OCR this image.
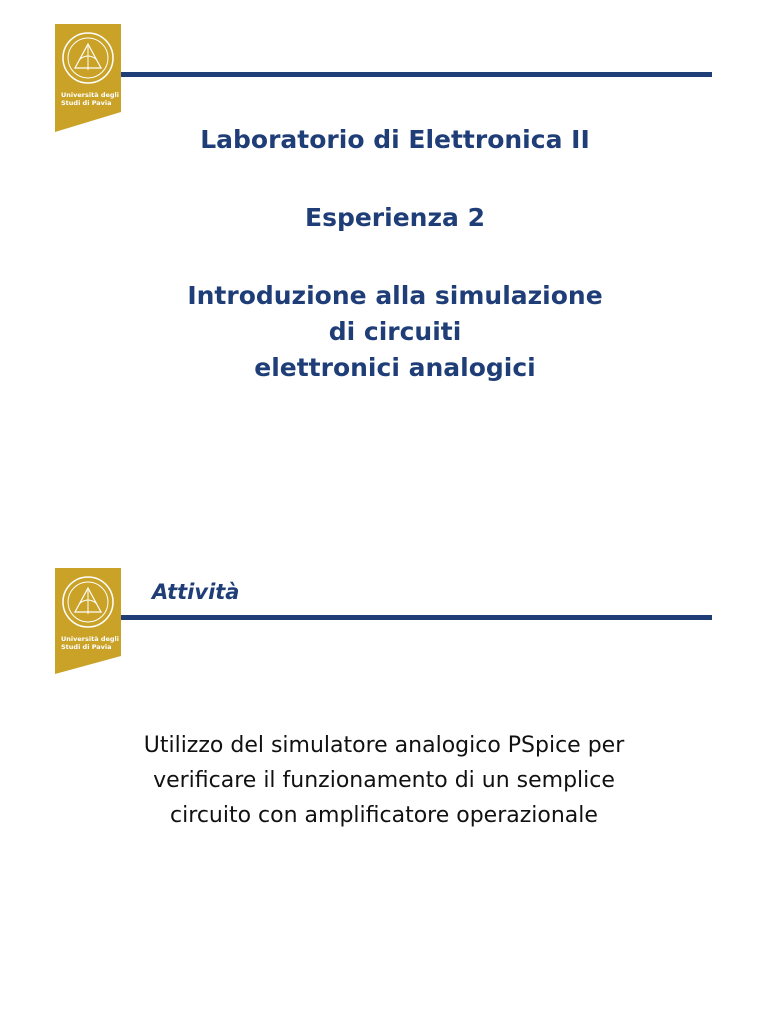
Università degli
Studi di Pavia
Laboratorio di Elettronica II

Esperienza 2

Introduzione alla simulazione
di circuiti
elettronici analogici
Università degli
Studi di Pavia
Attività
Utilizzo del simulatore analogico PSpice per
verificare il funzionamento di un semplice
circuito con amplificatore operazionale
